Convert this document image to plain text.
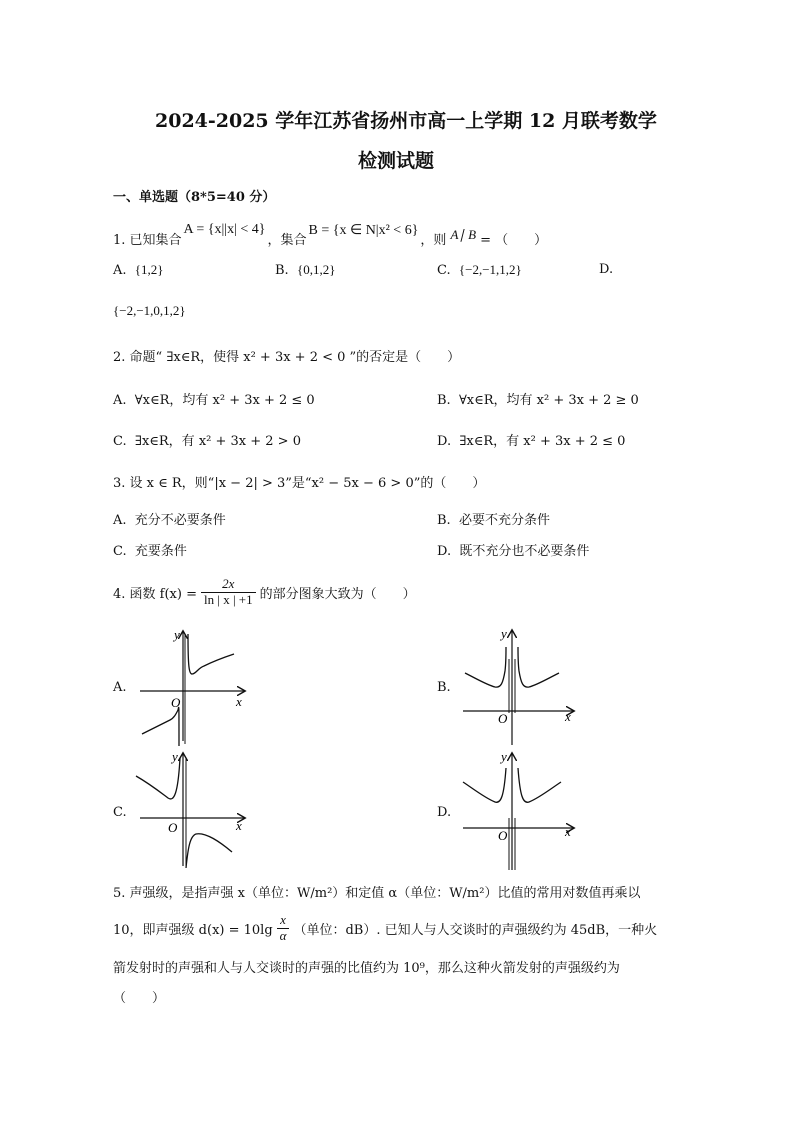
2024-2025 学年江苏省扬州市高一上学期 12 月联考数学
检测试题
一、单选题（8*5=40 分）
1. 已知集合
A = {x||x| < 4}
，集合
B = {x ∈ N|x² < 6}
，则 A∣ B = （　　）
A. {1,2}	B. {0,1,2}	C. {−2,−1,1,2}	D.
{−2,−1,0,1,2}
2. 命题“ ∃x∈R，使得 x² + 3x + 2 < 0 ”的否定是（　　）
A. ∀x∈R，均有 x² + 3x + 2 ≤ 0	B. ∀x∈R，均有 x² + 3x + 2 ≥ 0
C. ∃x∈R，有 x² + 3x + 2 > 0	D. ∃x∈R，有 x² + 3x + 2 ≤ 0
3. 设 x ∈ R，则“|x − 2| > 3”是“x² − 5x − 6 > 0”的（　　）
A. 充分不必要条件	B. 必要不充分条件
C. 充要条件	D. 既不充分也不必要条件
4. 函数 $f(x) = \frac{2x}{\ln | x | +1}$ 的部分图象大致为（　　）
A.	B.
C.	D.
y
x
O
y
x
O
y
x
O
y
x
O
5. 声强级，是指声强 x（单位：W/m²）和定值 α（单位：W/m²）比值的常用对数值再乘以
10，即声强级 $d(x) = 10\lg \frac{x}{\alpha}$ （单位：dB）. 已知人与人交谈时的声强级约为 45dB，一种火
箭发射时的声强和人与人交谈时的声强的比值约为 10⁹，那么这种火箭发射的声强级约为
（　　）
